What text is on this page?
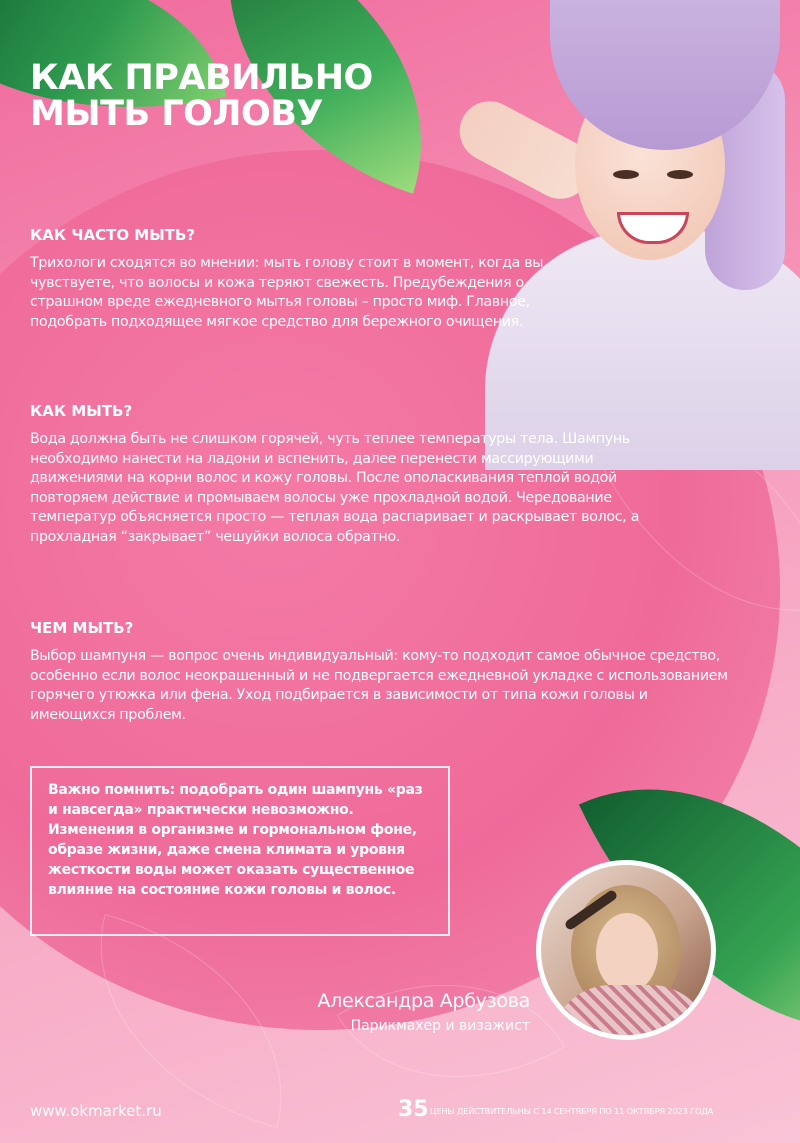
КАК ПРАВИЛЬНО МЫТЬ ГОЛОВУ
КАК ЧАСТО МЫТЬ?

Трихологи сходятся во мнении: мыть голову стоит в момент, когда вы чувствуете, что волосы и кожа теряют свежесть. Предубеждения о страшном вреде ежедневного мытья головы – просто миф. Главное, подобрать подходящее мягкое средство для бережного очищения.

КАК МЫТЬ?

Вода должна быть не слишком горячей, чуть теплее температуры тела. Шампунь необходимо нанести на ладони и вспенить, далее перенести массирующими движениями на корни волос и кожу головы. После ополаскивания теплой водой повторяем действие и промываем волосы уже прохладной водой. Чередование температур объясняется просто — теплая вода распаривает и раскрывает волос, а прохладная “закрывает” чешуйки волоса обратно.

ЧЕМ МЫТЬ?

Выбор шампуня — вопрос очень индивидуальный: кому-то подходит самое обычное средство, особенно если волос неокрашенный и не подвергается ежедневной укладке с использованием горячего утюжка или фена. Уход подбирается в зависимости от типа кожи головы и имеющихся проблем.

Важно помнить: подобрать один шампунь «раз и навсегда» практически невозможно. Изменения в организме и гормональном фоне, образе жизни, даже смена климата и уровня жесткости воды может оказать существенное влияние на состояние кожи головы и волос.
Александра Арбузова
Парикмахер и визажист
www.okmarket.ru	35 ЦЕНЫ ДЕЙСТВИТЕЛЬНЫ С 14 СЕНТЯБРЯ ПО 11 ОКТЯБРЯ 2023 ГОДА
